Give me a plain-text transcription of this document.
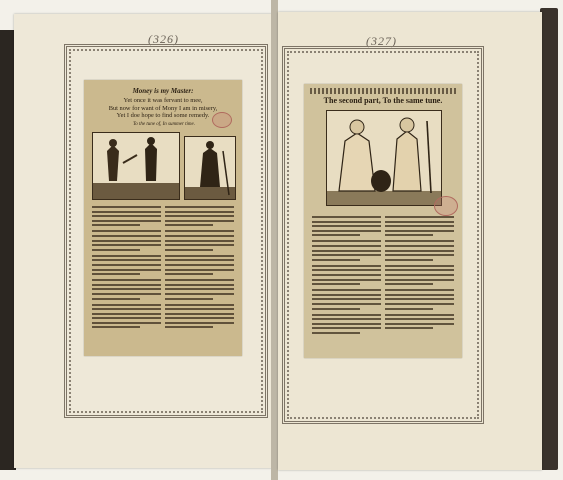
(326)
Money is my Master:
Yet once it was fervant to mee,
But now for want of Mony I am in misery,
Yet I doe hope to find some remedy.
To the tune of, In summer time.
(327)
The second part, To the same tune.
